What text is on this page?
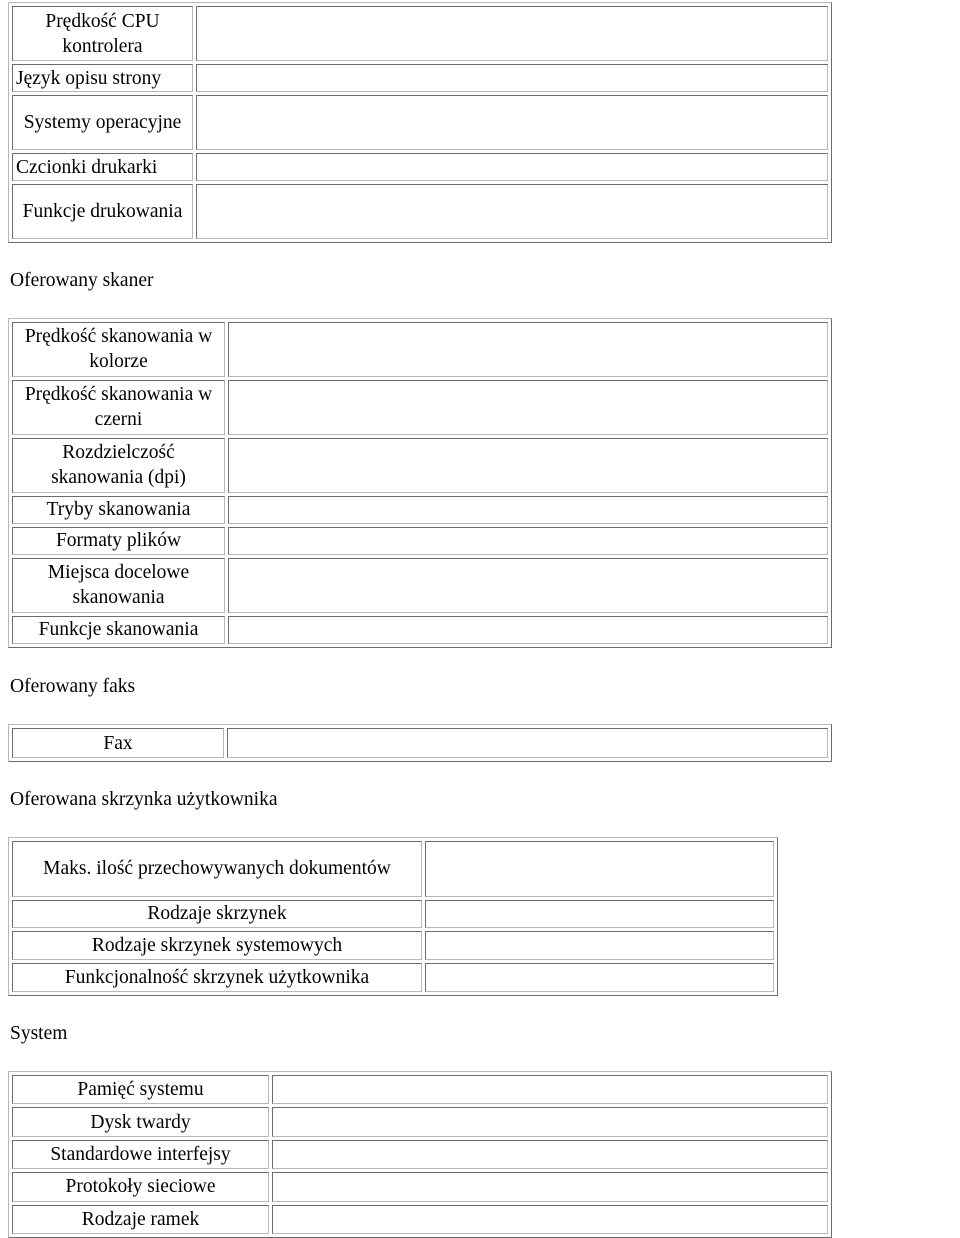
Prędkość CPU kontrolera	

Język opisu strony	
Systemy operacyjne	
Czcionki drukarki	
Funkcje drukowania	
Oferowany skaner
Prędkość skanowania w kolorze	
Prędkość skanowania w czerni	
Rozdzielczość skanowania (dpi)	
Tryby skanowania	
Formaty plików	
Miejsca docelowe skanowania	
Funkcje skanowania	
Oferowany faks
Fax	
Oferowana skrzynka użytkownika
Maks. ilość przechowywanych dokumentów	
Rodzaje skrzynek	
Rodzaje skrzynek systemowych	
Funkcjonalność skrzynek użytkownika	
System
Pamięć systemu	
Dysk twardy	
Standardowe interfejsy	
Protokoły sieciowe	
Rodzaje ramek	
